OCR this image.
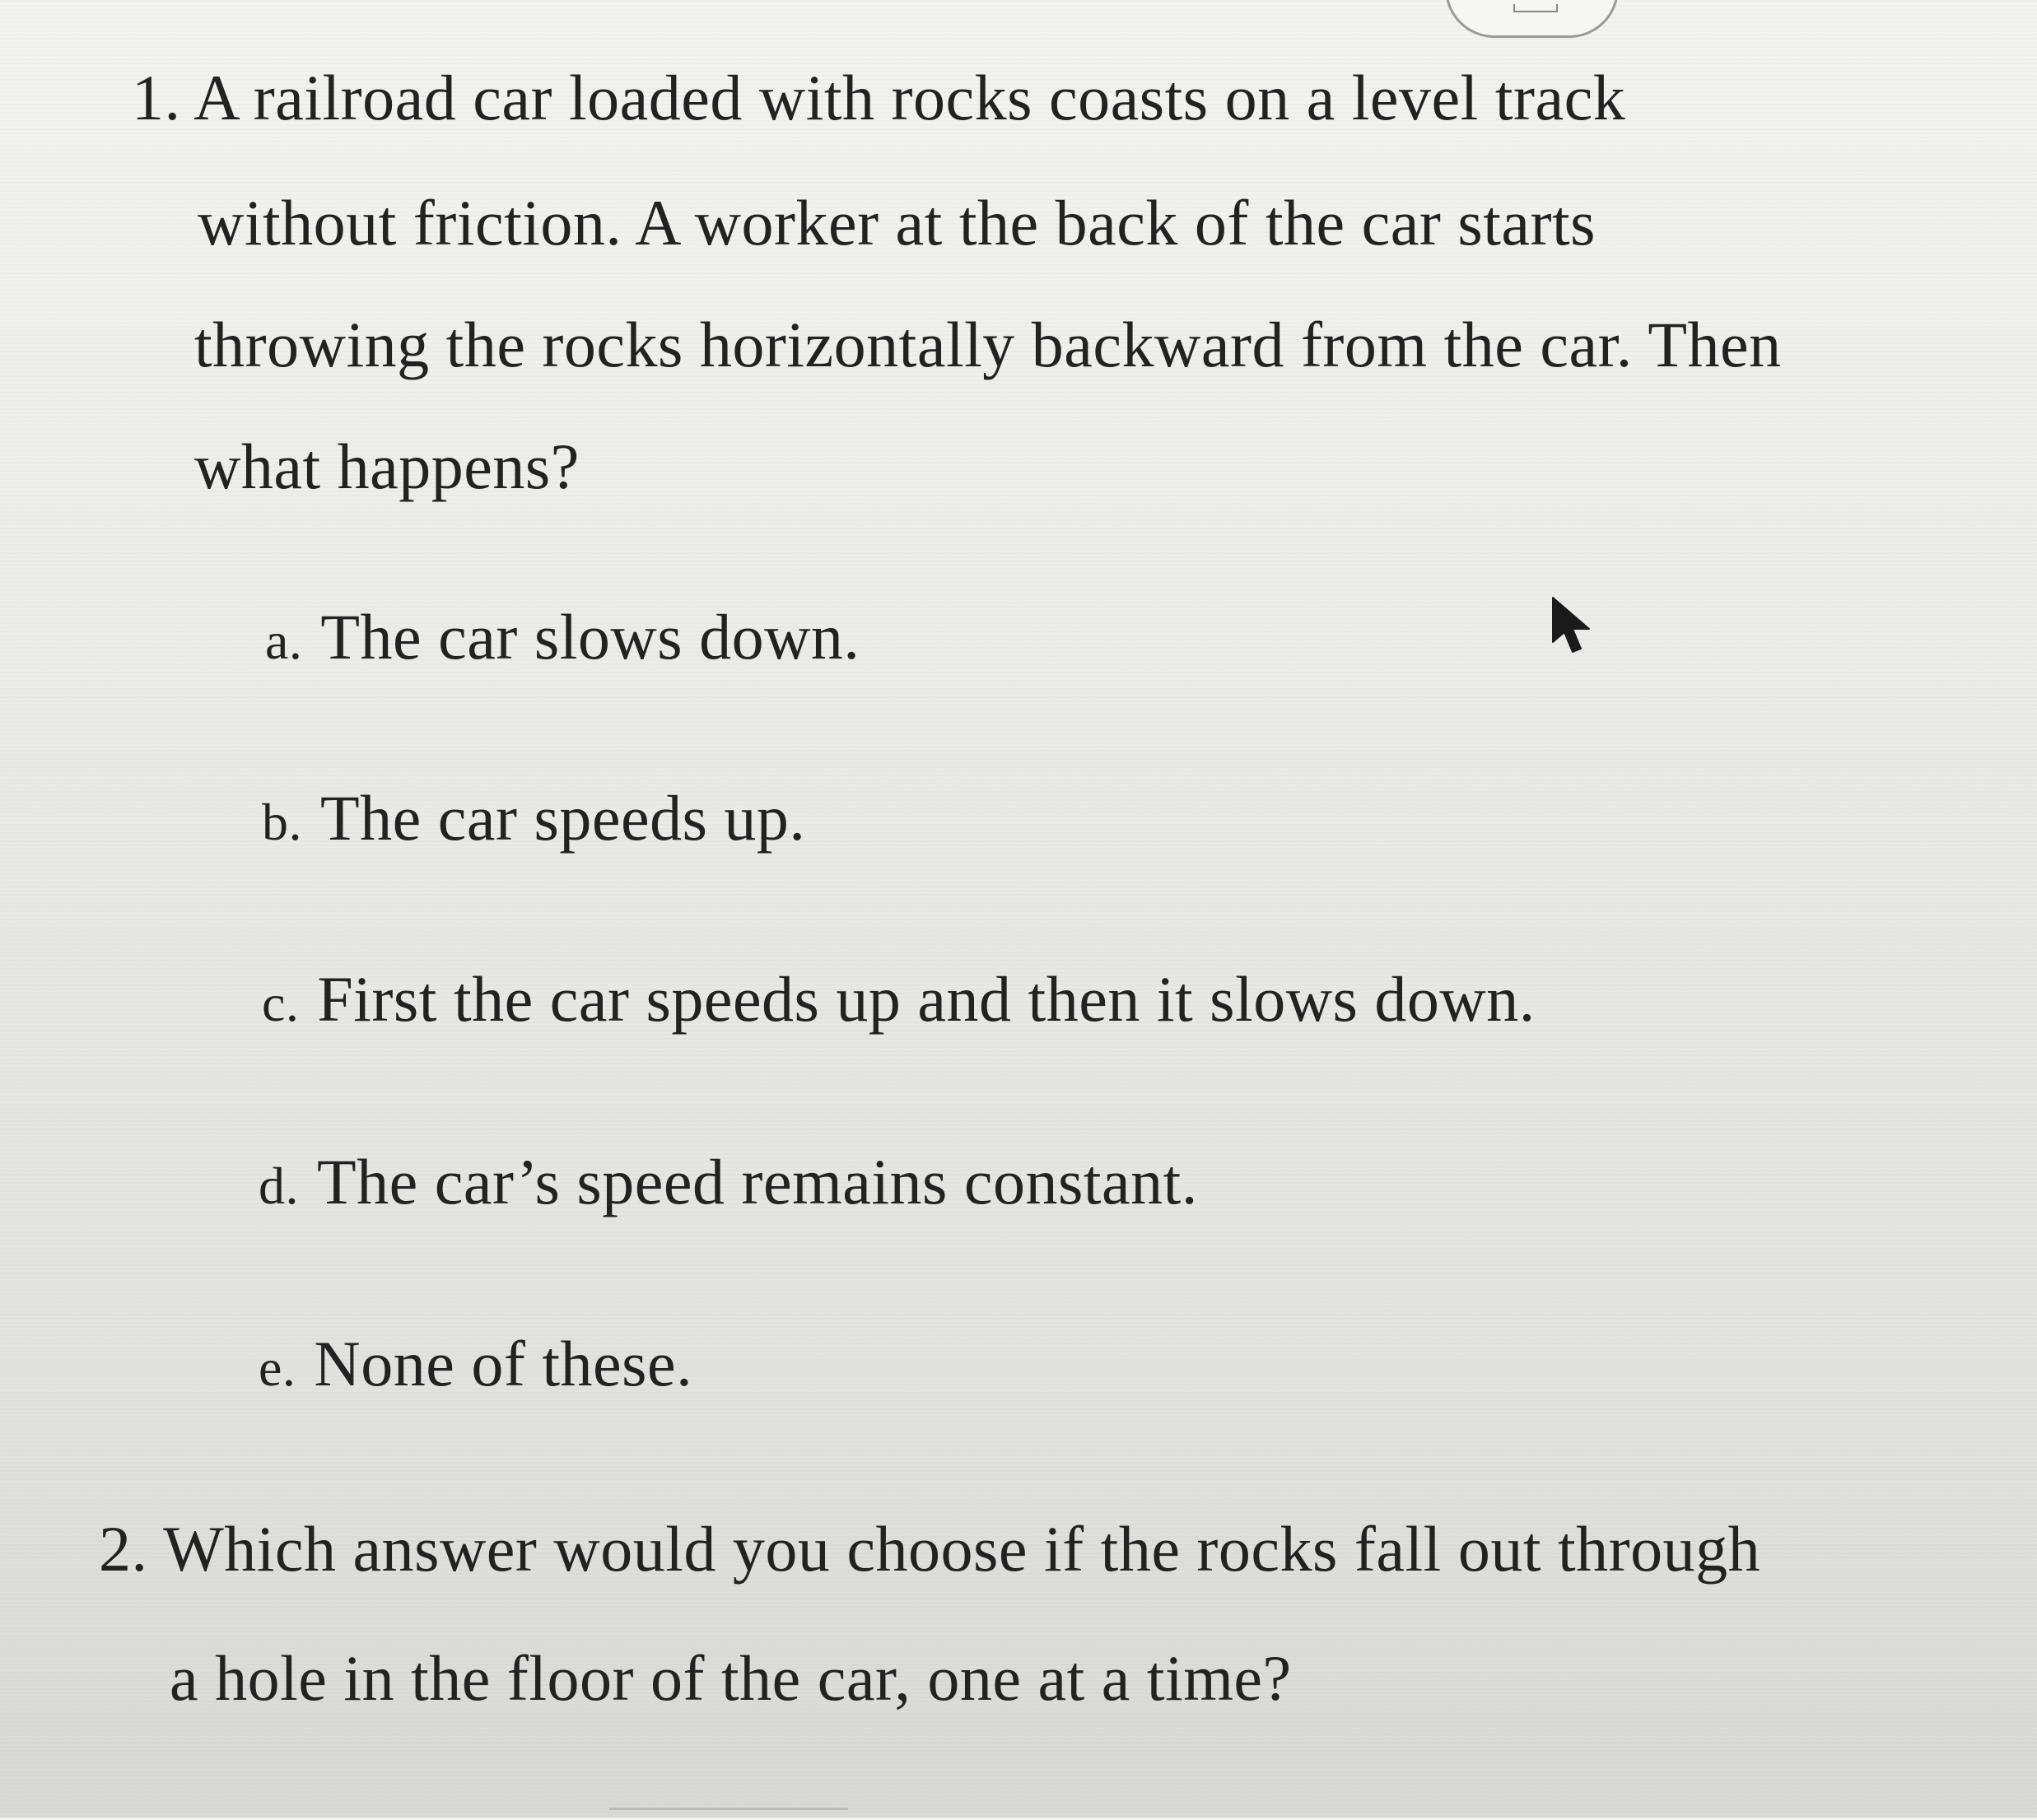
1. A railroad car loaded with rocks coasts on a level track
without friction. A worker at the back of the car starts
throwing the rocks horizontally backward from the car. Then
what happens?
a. The car slows down.
b. The car speeds up.
c. First the car speeds up and then it slows down.
d. The car’s speed remains constant.
e. None of these.
2. Which answer would you choose if the rocks fall out through
a hole in the floor of the car, one at a time?
